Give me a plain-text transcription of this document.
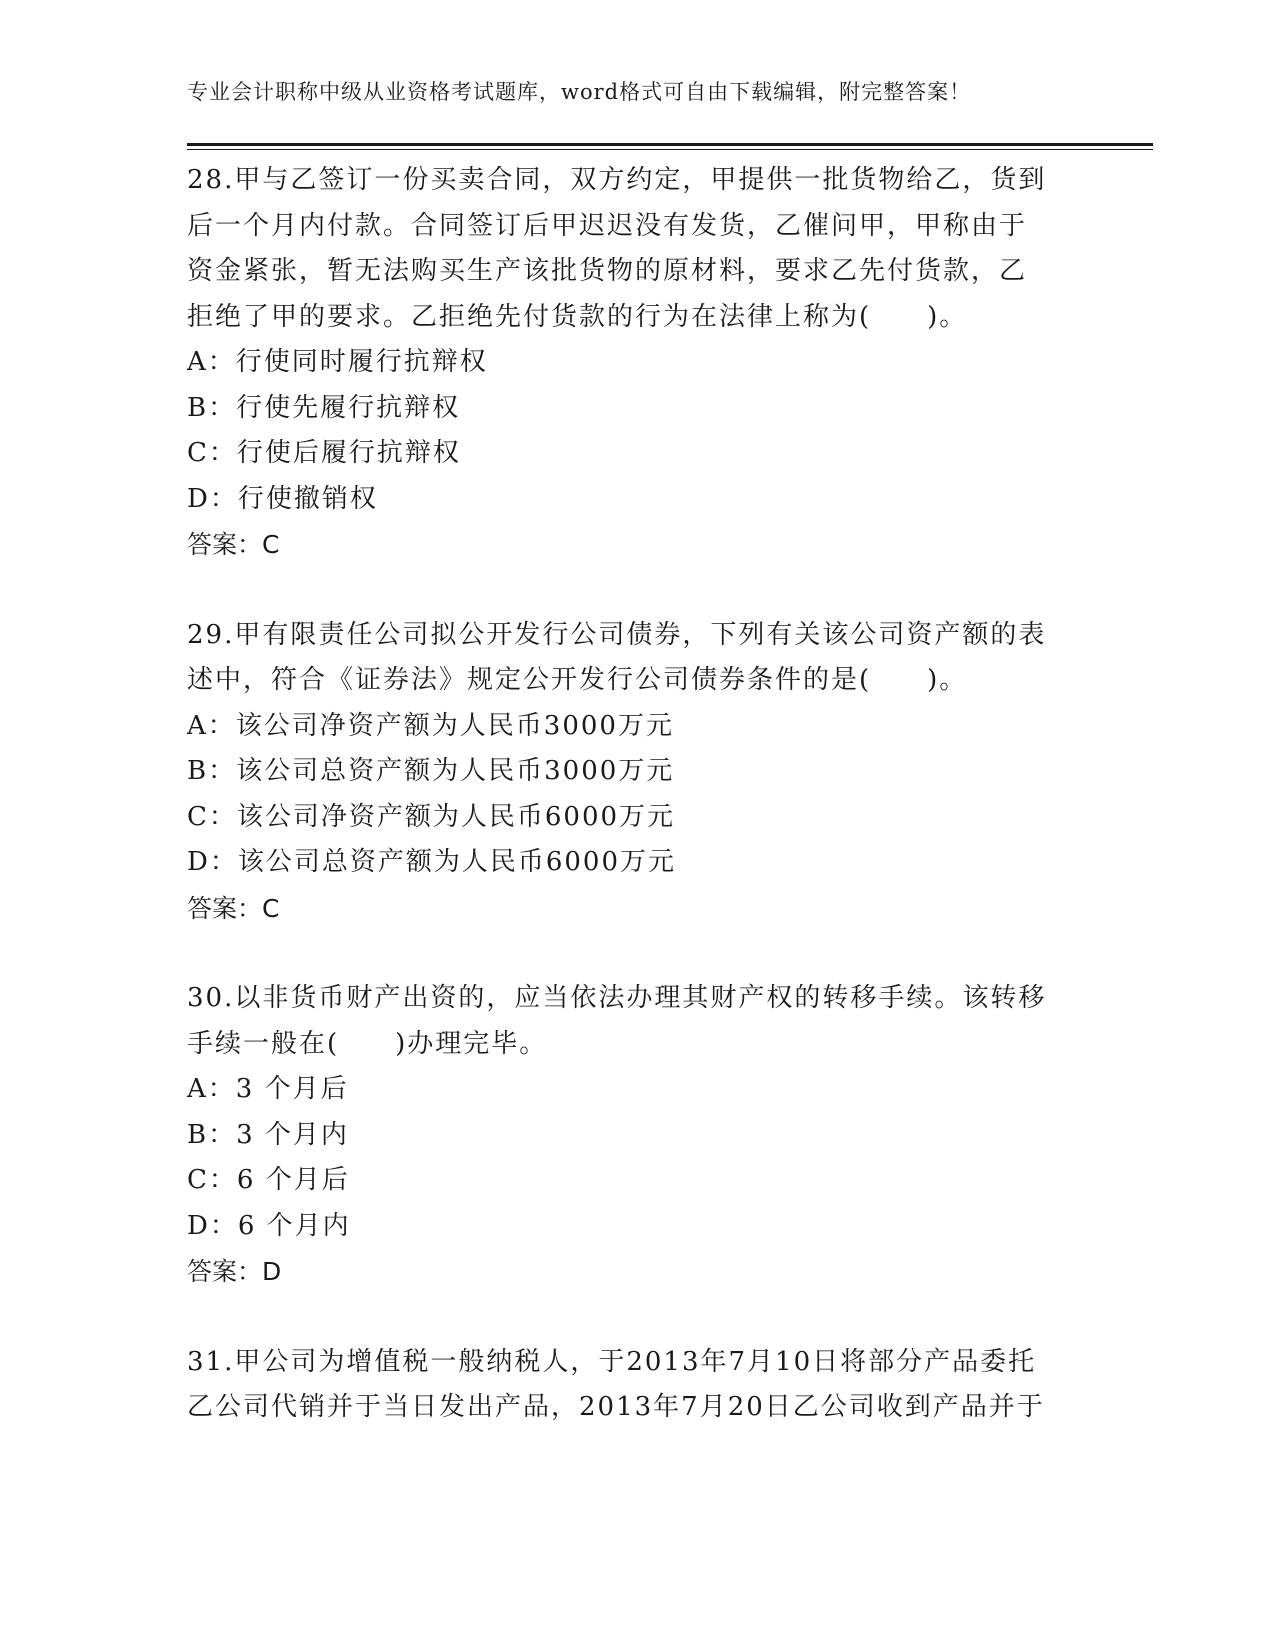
专业会计职称中级从业资格考试题库，word格式可自由下载编辑，附完整答案！
28.甲与乙签订一份买卖合同，双方约定，甲提供一批货物给乙，货到
后一个月内付款。合同签订后甲迟迟没有发货，乙催问甲，甲称由于
资金紧张，暂无法购买生产该批货物的原材料，要求乙先付货款，乙
拒绝了甲的要求。乙拒绝先付货款的行为在法律上称为(　　)。
A：行使同时履行抗辩权
B：行使先履行抗辩权
C：行使后履行抗辩权
D：行使撤销权
答案：C
29.甲有限责任公司拟公开发行公司债券，下列有关该公司资产额的表
述中，符合《证券法》规定公开发行公司债券条件的是(　　)。
A：该公司净资产额为人民币3000万元
B：该公司总资产额为人民币3000万元
C：该公司净资产额为人民币6000万元
D：该公司总资产额为人民币6000万元
答案：C
30.以非货币财产出资的，应当依法办理其财产权的转移手续。该转移
手续一般在(　　)办理完毕。
A：3 个月后
B：3 个月内
C：6 个月后
D：6 个月内
答案：D
31.甲公司为增值税一般纳税人，于2013年7月10日将部分产品委托
乙公司代销并于当日发出产品，2013年7月20日乙公司收到产品并于
